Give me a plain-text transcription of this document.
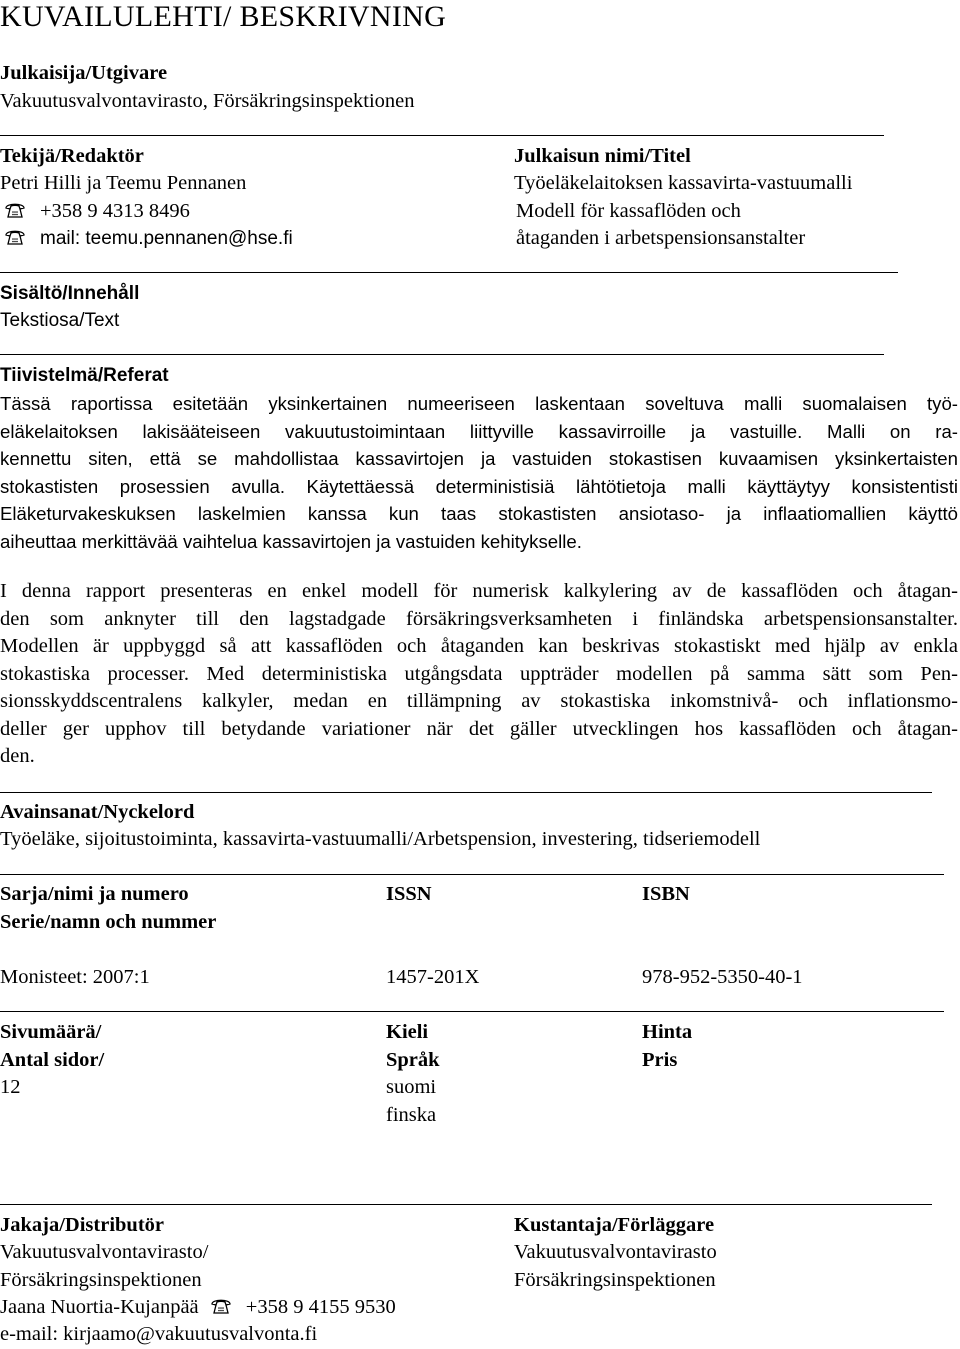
KUVAILULEHTI/ BESKRIVNING
Julkaisija/Utgivare
Vakuutusvalvontavirasto, Försäkringsinspektionen
Tekijä/Redaktör
Petri Hilli ja Teemu Pennanen
+358 9 4313 8496
mail: teemu.pennanen@hse.fi
Julkaisun nimi/Titel
Työeläkelaitoksen kassavirta-vastuumalli
Modell för kassaflöden och
åtaganden i arbetspensionsanstalter
Sisältö/Innehåll
Tekstiosa/Text
Tiivistelmä/Referat
Tässä raportissa esitetään yksinkertainen numeeriseen laskentaan soveltuva malli suomalaisen työ-
eläkelaitoksen lakisääteiseen vakuutustoimintaan liittyville kassavirroille ja vastuille. Malli on ra-
kennettu siten, että se mahdollistaa kassavirtojen ja vastuiden stokastisen kuvaamisen yksinkertaisten
stokastisten prosessien avulla. Käytettäessä deterministisiä lähtötietoja malli käyttäytyy konsistentisti
Eläketurvakeskuksen laskelmien kanssa kun taas stokastisten ansiotaso- ja inflaatiomallien käyttö
aiheuttaa merkittävää vaihtelua kassavirtojen ja vastuiden kehitykselle.
I denna rapport presenteras en enkel modell för numerisk kalkylering av de kassaflöden och åtagan-
den som anknyter till den lagstadgade försäkringsverksamheten i finländska arbetspensionsanstalter.
Modellen är uppbyggd så att kassaflöden och åtaganden kan beskrivas stokastiskt med hjälp av enkla
stokastiska processer. Med deterministiska utgångsdata uppträder modellen på samma sätt som Pen-
sionsskyddscentralens kalkyler, medan en tillämpning av stokastiska inkomstnivå- och inflationsmo-
deller ger upphov till betydande variationer när det gäller utvecklingen hos kassaflöden och åtagan-
den.
Avainsanat/Nyckelord
Työeläke, sijoitustoiminta, kassavirta-vastuumalli/Arbetspension, investering, tidseriemodell
Sarja/nimi ja numero
Serie/namn och nummer
Monisteet: 2007:1
ISSN
1457-201X
ISBN
978-952-5350-40-1
Sivumäärä/
Antal sidor/
12
Kieli
Språk
suomi
finska
Hinta
Pris
Jakaja/Distributör
Vakuutusvalvontavirasto/
Försäkringsinspektionen
Jaana Nuortia-Kujanpää +358 9 4155 9530
e-mail: kirjaamo@vakuutusvalvonta.fi
Kustantaja/Förläggare
Vakuutusvalvontavirasto
Försäkringsinspektionen
